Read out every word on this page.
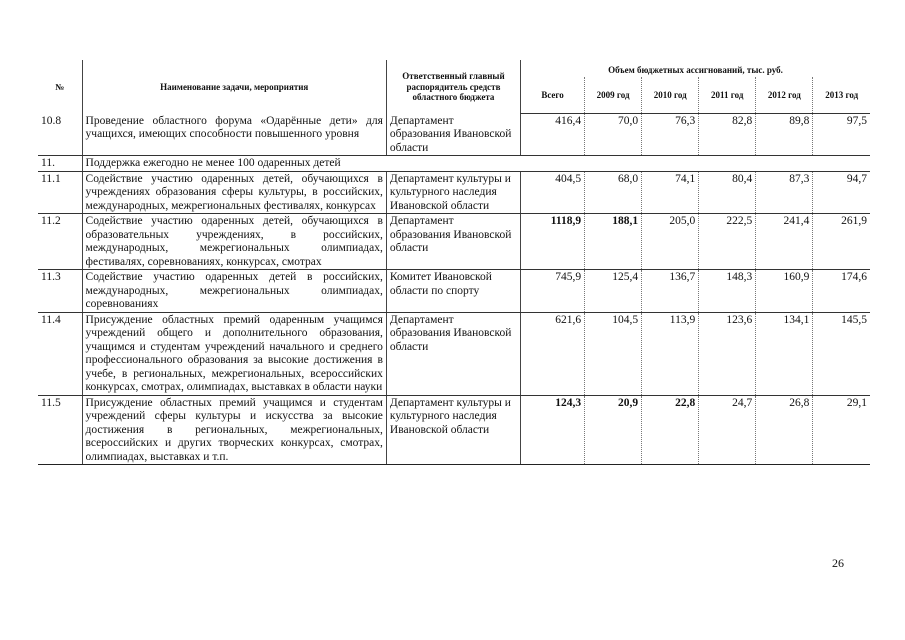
№	Наименование задачи, мероприятия	Ответственный главный распорядитель средств областного бюджета	Объем бюджетных ассигнований, тыс. руб.					
			Всего	2009 год	2010 год	2011 год	2012 год	2013 год
10.8	Проведение областного форума «Одарённые дети» для учащихся, имеющих способности повышенного уровня	Департамент образования Ивановской области	416,4	70,0	76,3	82,8	89,8	97,5
11.	Поддержка ежегодно не менее 100 одаренных детей							
11.1	Содействие участию одаренных детей, обучающихся в учреждениях образования сферы культуры, в российских, международных, межрегиональных фестивалях, конкурсах	Департамент культуры и культурного наследия Ивановской области	404,5	68,0	74,1	80,4	87,3	94,7
11.2	Содействие участию одаренных детей, обучающихся в образовательных учреждениях, в российских, международных, межрегиональных олимпиадах, фестивалях, соревнованиях, конкурсах, смотрах	Департамент образования Ивановской области	1118,9	188,1	205,0	222,5	241,4	261,9
11.3	Содействие участию одаренных детей в российских, международных, межрегиональных олимпиадах, соревнованиях	Комитет Ивановской области по спорту	745,9	125,4	136,7	148,3	160,9	174,6
11.4	Присуждение областных премий одаренным учащимся учреждений общего и дополнительного образования, учащимся и студентам учреждений начального и среднего профессионального образования за высокие достижения в учебе, в региональных, межрегиональных, всероссийских конкурсах, смотрах, олимпиадах, выставках в области науки	Департамент образования Ивановской области	621,6	104,5	113,9	123,6	134,1	145,5
11.5	Присуждение областных премий учащимся и студентам учреждений сферы культуры и искусства за высокие достижения в региональных, межрегиональных, всероссийских и других творческих конкурсах, смотрах, олимпиадах, выставках и т.п.	Департамент культуры и культурного наследия Ивановской области	124,3	20,9	22,8	24,7	26,8	29,1
26
